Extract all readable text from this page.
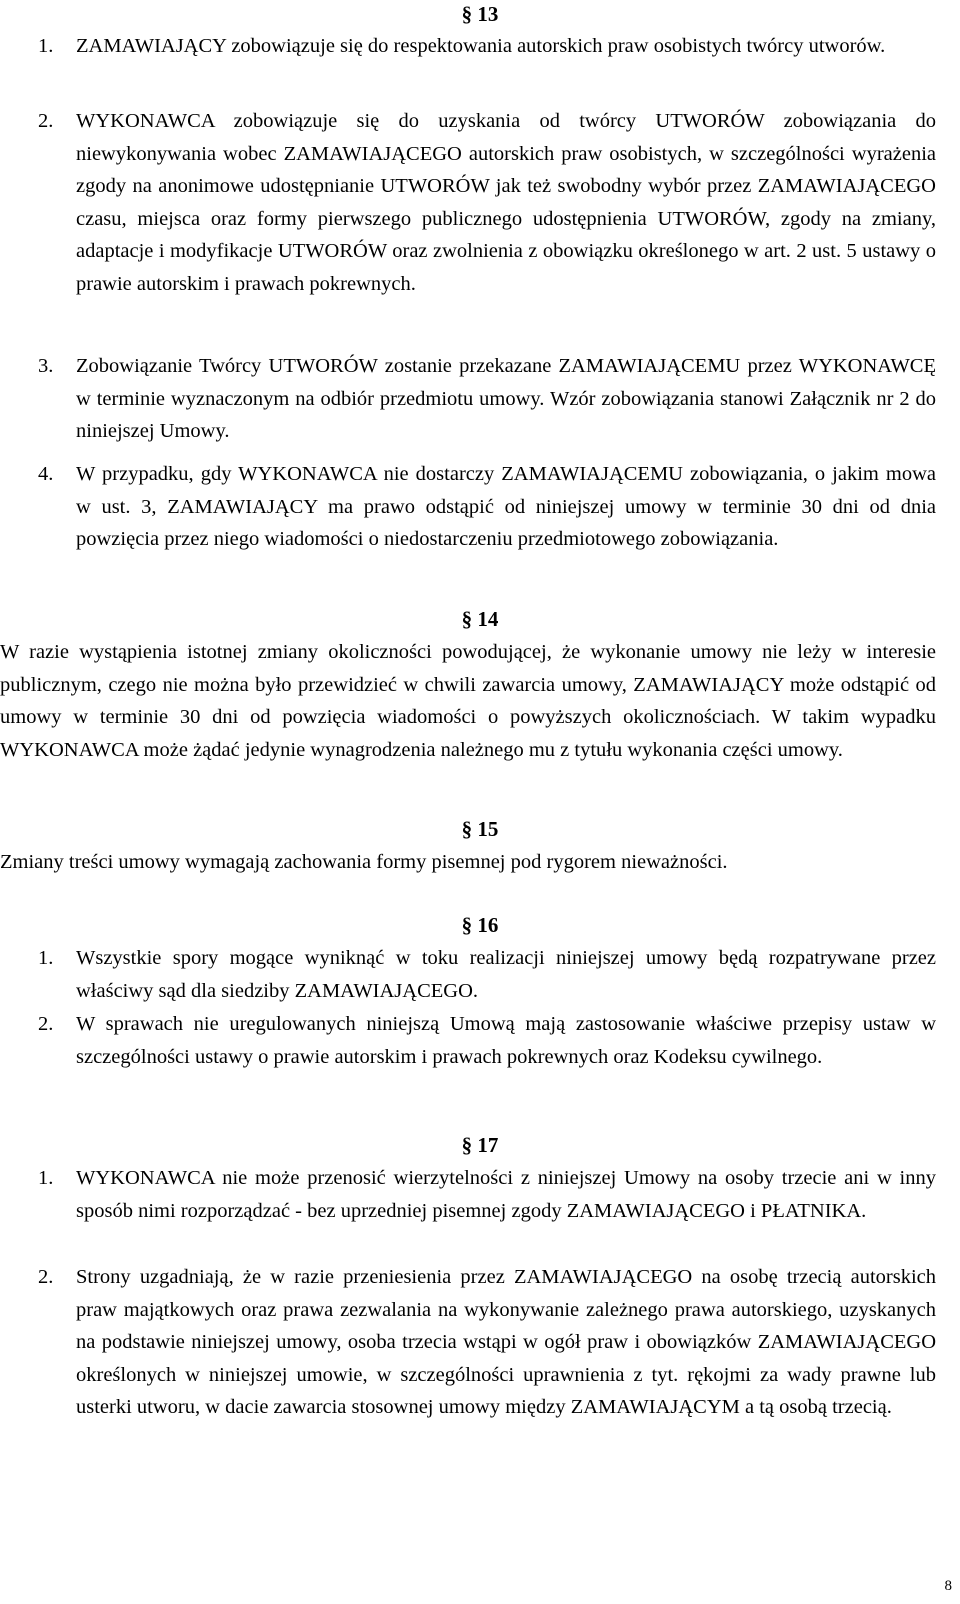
§ 13
1. ZAMAWIAJĄCY zobowiązuje się do respektowania autorskich praw osobistych twórcy utworów.

2. WYKONAWCA zobowiązuje się do uzyskania od twórcy UTWORÓW zobowiązania do niewykonywania wobec ZAMAWIAJĄCEGO autorskich praw osobistych, w szczególności wyrażenia zgody na anonimowe udostępnianie UTWORÓW jak też swobodny wybór przez ZAMAWIAJĄCEGO czasu, miejsca oraz formy pierwszego publicznego udostępnienia UTWORÓW, zgody na zmiany, adaptacje i modyfikacje UTWORÓW oraz zwolnienia z obowiązku określonego w art. 2 ust. 5 ustawy o prawie autorskim i prawach pokrewnych.

3. Zobowiązanie Twórcy UTWORÓW zostanie przekazane ZAMAWIAJĄCEMU przez WYKONAWCĘ w terminie wyznaczonym na odbiór przedmiotu umowy. Wzór zobowiązania stanowi Załącznik nr 2 do niniejszej Umowy.

4. W przypadku, gdy WYKONAWCA nie dostarczy ZAMAWIAJĄCEMU zobowiązania, o jakim mowa w ust. 3, ZAMAWIAJĄCY ma prawo odstąpić od niniejszej umowy w terminie 30 dni od dnia powzięcia przez niego wiadomości o niedostarczeniu przedmiotowego zobowiązania.

§ 14

W razie wystąpienia istotnej zmiany okoliczności powodującej, że wykonanie umowy nie leży w interesie publicznym, czego nie można było przewidzieć w chwili zawarcia umowy, ZAMAWIAJĄCY może odstąpić od umowy w terminie 30 dni od powzięcia wiadomości o powyższych okolicznościach. W takim wypadku WYKONAWCA może żądać jedynie wynagrodzenia należnego mu z tytułu wykonania części umowy.

§ 15

Zmiany treści umowy wymagają zachowania formy pisemnej pod rygorem nieważności.

§ 16
1. Wszystkie spory mogące wyniknąć w toku realizacji niniejszej umowy będą rozpatrywane przez właściwy sąd dla siedziby ZAMAWIAJĄCEGO.

2. W sprawach nie uregulowanych niniejszą Umową mają zastosowanie właściwe przepisy ustaw w szczególności ustawy o prawie autorskim i prawach pokrewnych oraz Kodeksu cywilnego.

§ 17
1. WYKONAWCA nie może przenosić wierzytelności z niniejszej Umowy na osoby trzecie ani w inny sposób nimi rozporządzać - bez uprzedniej pisemnej zgody ZAMAWIAJĄCEGO i PŁATNIKA.

2. Strony uzgadniają, że w razie przeniesienia przez ZAMAWIAJĄCEGO na osobę trzecią autorskich praw majątkowych oraz prawa zezwalania na wykonywanie zależnego prawa autorskiego, uzyskanych na podstawie niniejszej umowy, osoba trzecia wstąpi w ogół praw i obowiązków ZAMAWIAJĄCEGO określonych w niniejszej umowie, w szczególności uprawnienia z tyt. rękojmi za wady prawne lub usterki utworu, w dacie zawarcia stosownej umowy między ZAMAWIAJĄCYM a tą osobą trzecią.

8
